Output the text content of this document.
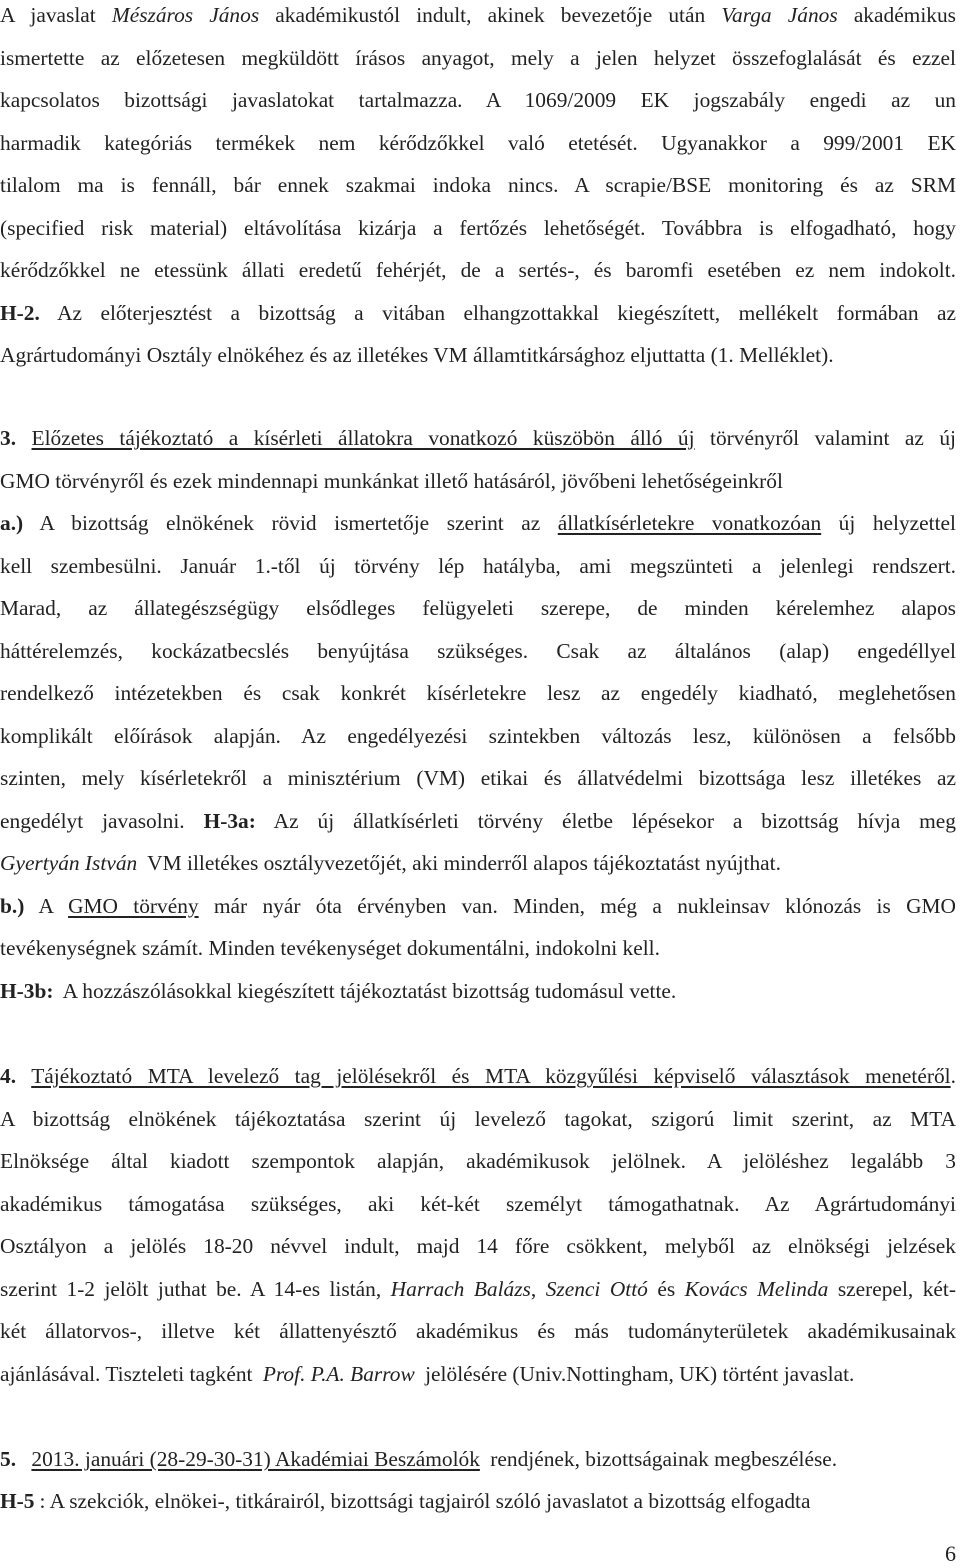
A javaslat Mészáros János akadémikustól indult, akinek bevezetője után Varga János akadémikus
ismertette az előzetesen megküldött írásos anyagot, mely a jelen helyzet összefoglalását és ezzel
kapcsolatos bizottsági javaslatokat tartalmazza. A 1069/2009 EK jogszabály engedi az un
harmadik kategóriás termékek nem kérődzőkkel való etetését. Ugyanakkor a 999/2001 EK
tilalom ma is fennáll, bár ennek szakmai indoka nincs. A scrapie/BSE monitoring és az SRM
(specified risk material) eltávolítása kizárja a fertőzés lehetőségét. Továbbra is elfogadható, hogy
kérődzőkkel ne etessünk állati eredetű fehérjét, de a sertés-, és baromfi esetében ez nem indokolt.
H-2. Az előterjesztést a bizottság a vitában elhangzottakkal kiegészített, mellékelt formában az
Agrártudományi Osztály elnökéhez és az illetékes VM államtitkársághoz eljuttatta (1. Melléklet).
3. Előzetes tájékoztató a kísérleti állatokra vonatkozó küszöbön álló új törvényről valamint az új
GMO törvényről és ezek mindennapi munkánkat illető hatásáról, jövőbeni lehetőségeinkről
a.) A bizottság elnökének rövid ismertetője szerint az állatkísérletekre vonatkozóan új helyzettel
kell szembesülni. Január 1.-től új törvény lép hatályba, ami megszünteti a jelenlegi rendszert.
Marad, az állategészségügy elsődleges felügyeleti szerepe, de minden kérelemhez alapos
háttérelemzés, kockázatbecslés benyújtása szükséges. Csak az általános (alap) engedéllyel
rendelkező intézetekben és csak konkrét kísérletekre lesz az engedély kiadható, meglehetősen
komplikált előírások alapján. Az engedélyezési szintekben változás lesz, különösen a felsőbb
szinten, mely kísérletekről a minisztérium (VM) etikai és állatvédelmi bizottsága lesz illetékes az
engedélyt javasolni. H-3a: Az új állatkísérleti törvény életbe lépésekor a bizottság hívja meg
Gyertyán István VM illetékes osztályvezetőjét, aki minderről alapos tájékoztatást nyújthat.
b.) A GMO törvény már nyár óta érvényben van. Minden, még a nukleinsav klónozás is GMO
tevékenységnek számít. Minden tevékenységet dokumentálni, indokolni kell.
H-3b: A hozzászólásokkal kiegészített tájékoztatást bizottság tudomásul vette.
4. Tájékoztató MTA levelező tag jelölésekről és MTA közgyűlési képviselő választások menetéről.
A bizottság elnökének tájékoztatása szerint új levelező tagokat, szigorú limit szerint, az MTA
Elnöksége által kiadott szempontok alapján, akadémikusok jelölnek. A jelöléshez legalább 3
akadémikus támogatása szükséges, aki két-két személyt támogathatnak. Az Agrártudományi
Osztályon a jelölés 18-20 névvel indult, majd 14 főre csökkent, melyből az elnökségi jelzések
szerint 1-2 jelölt juthat be. A 14-es listán, Harrach Balázs, Szenci Ottó és Kovács Melinda szerepel, két-
két állatorvos-, illetve két állattenyésztő akadémikus és más tudományterületek akadémikusainak
ajánlásával. Tiszteleti tagként Prof. P.A. Barrow jelölésére (Univ.Nottingham, UK) történt javaslat.
5. 2013. januári (28-29-30-31) Akadémiai Beszámolók rendjének, bizottságainak megbeszélése.
H-5 : A szekciók, elnökei-, titkárairól, bizottsági tagjairól szóló javaslatot a bizottság elfogadta
6
